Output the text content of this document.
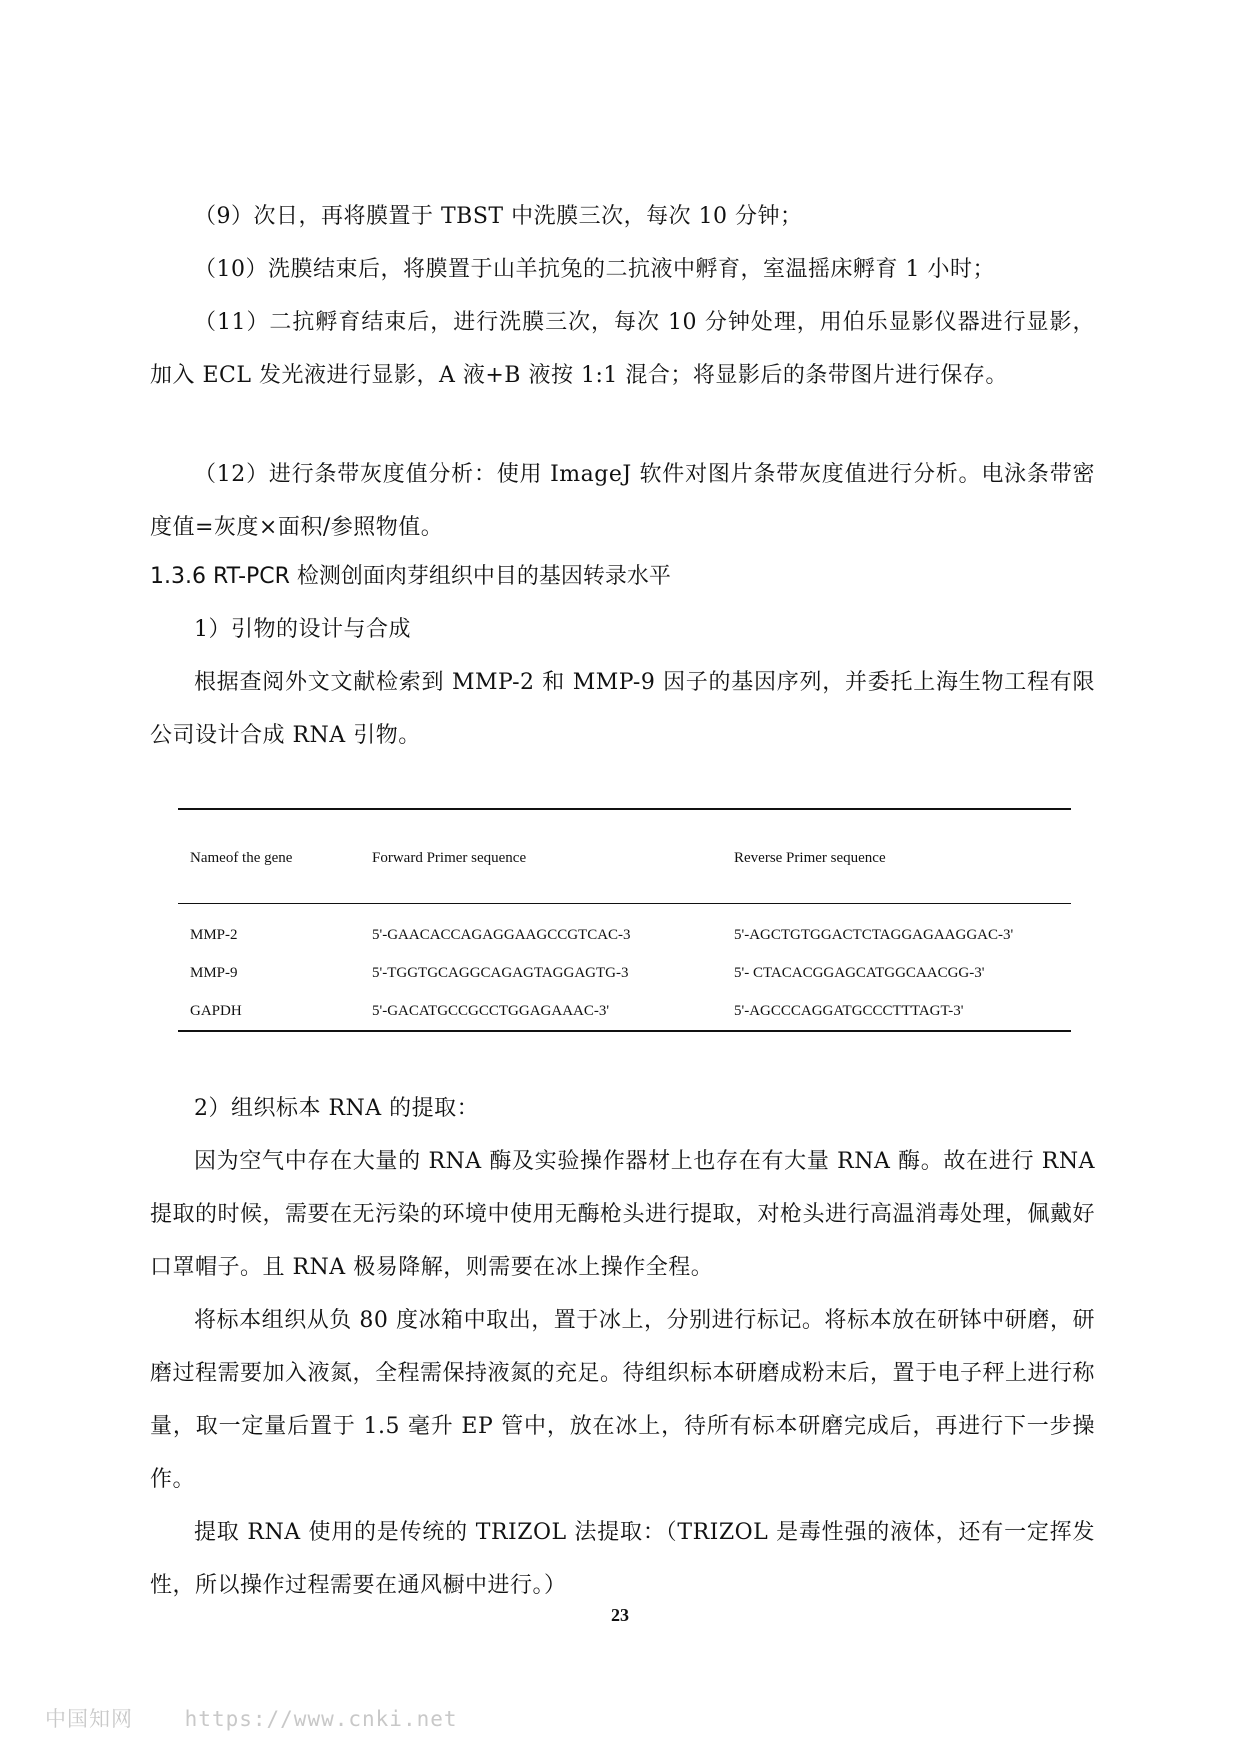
（9）次日，再将膜置于 TBST 中洗膜三次，每次 10 分钟；

（10）洗膜结束后，将膜置于山羊抗兔的二抗液中孵育，室温摇床孵育 1 小时；

（11）二抗孵育结束后，进行洗膜三次，每次 10 分钟处理，用伯乐显影仪器进行显影，加入 ECL 发光液进行显影，A 液+B 液按 1:1 混合；将显影后的条带图片进行保存。

（12）进行条带灰度值分析：使用 ImageJ 软件对图片条带灰度值进行分析。电泳条带密度值=灰度×面积/参照物值。

1.3.6 RT-PCR 检测创面肉芽组织中目的基因转录水平

1）引物的设计与合成

根据查阅外文文献检索到 MMP-2 和 MMP-9 因子的基因序列，并委托上海生物工程有限公司设计合成 RNA 引物。

Nameof the gene	Forward Primer sequence	Reverse Primer sequence
MMP-2	5'-GAACACCAGAGGAAGCCGTCAC-3	5'-AGCTGTGGACTCTAGGAGAAGGAC-3'
MMP-9	5'-TGGTGCAGGCAGAGTAGGAGTG-3	5'- CTACACGGAGCATGGCAACGG-3'
GAPDH	5'-GACATGCCGCCTGGAGAAAC-3'	5'-AGCCCAGGATGCCCTTTAGT-3'

2）组织标本 RNA 的提取：

因为空气中存在大量的 RNA 酶及实验操作器材上也存在有大量 RNA 酶。故在进行 RNA 提取的时候，需要在无污染的环境中使用无酶枪头进行提取，对枪头进行高温消毒处理，佩戴好口罩帽子。且 RNA 极易降解，则需要在冰上操作全程。

将标本组织从负 80 度冰箱中取出，置于冰上，分别进行标记。将标本放在研钵中研磨，研磨过程需要加入液氮，全程需保持液氮的充足。待组织标本研磨成粉末后，置于电子秤上进行称量，取一定量后置于 1.5 毫升 EP 管中，放在冰上，待所有标本研磨完成后，再进行下一步操作。

提取 RNA 使用的是传统的 TRIZOL 法提取：（TRIZOL 是毒性强的液体，还有一定挥发性，所以操作过程需要在通风橱中进行。）

23
中国知网 https://www.cnki.net
